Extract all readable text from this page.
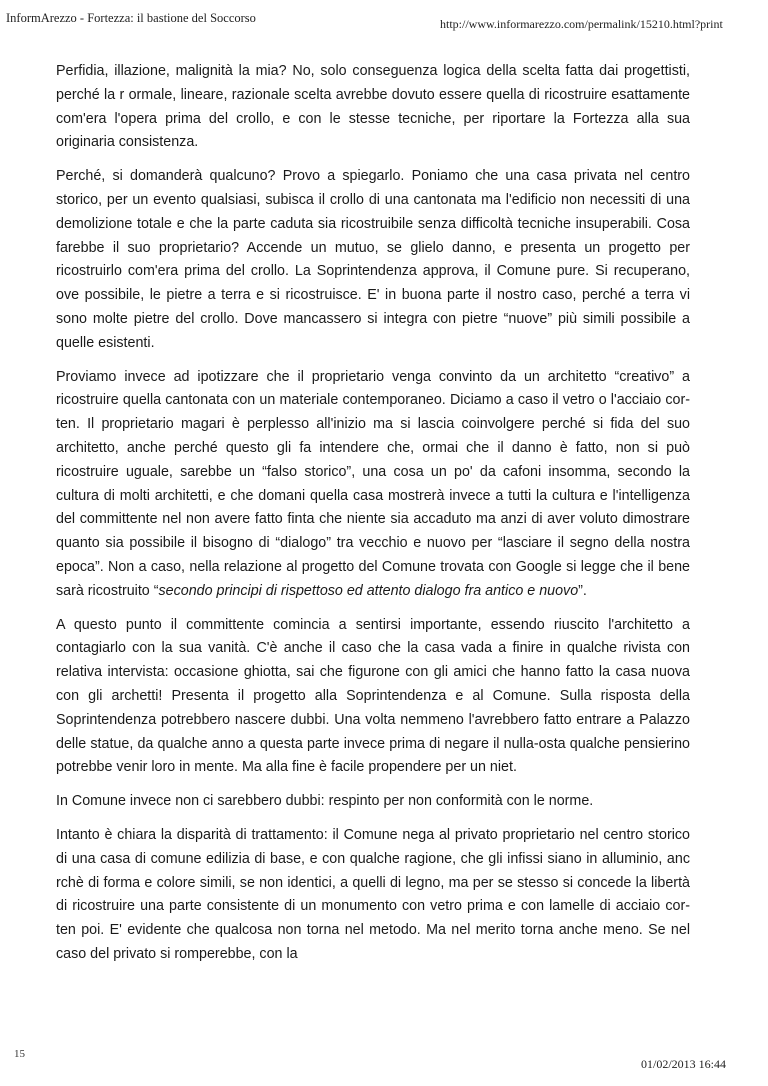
InformArezzo - Fortezza: il bastione del Soccorso	http://www.informarezzo.com/permalink/15210.html?print

Perfidia, illazione, malignità la mia? No, solo conseguenza logica della scelta fatta dai progettisti, perché la r ormale, lineare, razionale scelta avrebbe dovuto essere quella di ricostruire esattamente com'era l'opera prima del crollo, e con le stesse tecniche, per riportare la Fortezza alla sua originaria consistenza.

Perché, si domanderà qualcuno? Provo a spiegarlo. Poniamo che una casa privata nel centro storico, per un evento qualsiasi, subisca il crollo di una cantonata ma l'edificio non necessiti di una demolizione totale e che la parte caduta sia ricostruibile senza difficoltà tecniche insuperabili. Cosa farebbe il suo proprietario? Accende un mutuo, se glielo danno, e presenta un progetto per ricostruirlo com'era prima del crollo. La Soprintendenza approva, il Comune pure. Si recuperano, ove possibile, le pietre a terra e si ricostruisce. E' in buona parte il nostro caso, perché a terra vi sono molte pietre del crollo. Dove mancassero si integra con pietre “nuove” più simili possibile a quelle esistenti.

Proviamo invece ad ipotizzare che il proprietario venga convinto da un architetto “creativo” a ricostruire quella cantonata con un materiale contemporaneo. Diciamo a caso il vetro o l'acciaio cor-ten. Il proprietario magari è perplesso all'inizio ma si lascia coinvolgere perché si fida del suo architetto, anche perché questo gli fa intendere che, ormai che il danno è fatto, non si può ricostruire uguale, sarebbe un “falso storico”, una cosa un po' da cafoni insomma, secondo la cultura di molti architetti, e che domani quella casa mostrerà invece a tutti la cultura e l'intelligenza del committente nel non avere fatto finta che niente sia accaduto ma anzi di aver voluto dimostrare quanto sia possibile il bisogno di “dialogo” tra vecchio e nuovo per “lasciare il segno della nostra epoca”. Non a caso, nella relazione al progetto del Comune trovata con Google si legge che il bene sarà ricostruito “secondo principi di rispettoso ed attento dialogo fra antico e nuovo”.

A questo punto il committente comincia a sentirsi importante, essendo riuscito l'architetto a contagiarlo con la sua vanità. C'è anche il caso che la casa vada a finire in qualche rivista con relativa intervista: occasione ghiotta, sai che figurone con gli amici che hanno fatto la casa nuova con gli archetti! Presenta il progetto alla Soprintendenza e al Comune. Sulla risposta della Soprintendenza potrebbero nascere dubbi. Una volta nemmeno l'avrebbero fatto entrare a Palazzo delle statue, da qualche anno a questa parte invece prima di negare il nulla-osta qualche pensierino potrebbe venir loro in mente. Ma alla fine è facile propendere per un niet.

In Comune invece non ci sarebbero dubbi: respinto per non conformità con le norme.

Intanto è chiara la disparità di trattamento: il Comune nega al privato proprietario nel centro storico di una casa di comune edilizia di base, e con qualche ragione, che gli infissi siano in alluminio, anc rchè di forma e colore simili, se non identici, a quelli di legno, ma per se stesso si concede la libertà di ricostruire una parte consistente di un monumento con vetro prima e con lamelle di acciaio cor-ten poi. E' evidente che qualcosa non torna nel metodo. Ma nel merito torna anche meno. Se nel caso del privato si romperebbe, con la

15
01/02/2013 16:44
